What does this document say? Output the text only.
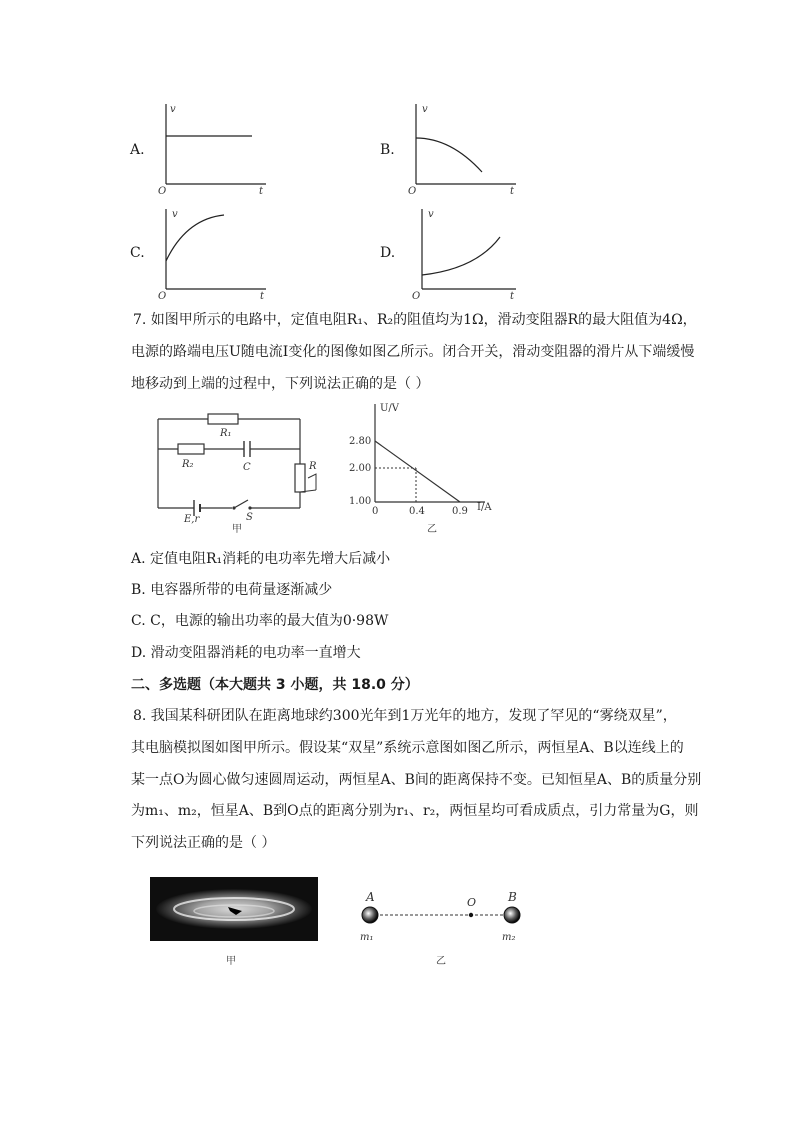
A.
v
t
O
B.
v
t
O
C.
v
t
O
D.
v
t
O
7. 如图甲所示的电路中，定值电阻R₁、R₂的阻值均为1Ω，滑动变阻器R的最大阻值为4Ω，
电源的路端电压U随电流I变化的图像如图乙所示。闭合开关，滑动变阻器的滑片从下端缓慢
地移动到上端的过程中，下列说法正确的是（ ）
R₁
R₂	C	R
E,r	S
甲
U/V
I/A
2.80
2.00
1.00
0	0.4	0.9
乙
A. 定值电阻R₁消耗的电功率先增大后减小
B. 电容器所带的电荷量逐渐减少
C. C，电源的输出功率的最大值为0·98W
D. 滑动变阻器消耗的电功率一直增大
二、多选题（本大题共 3 小题，共 18.0 分）
8. 我国某科研团队在距离地球约300光年到1万光年的地方，发现了罕见的“雾绕双星”，
其电脑模拟图如图甲所示。假设某“双星”系统示意图如图乙所示，两恒星A、B以连线上的
某一点O为圆心做匀速圆周运动，两恒星A、B间的距离保持不变。已知恒星A、B的质量分别
为m₁、m₂，恒星A、B到O点的距离分别为r₁、r₂，两恒星均可看成质点，引力常量为G，则
下列说法正确的是（ ）
甲
A	B
O
m₁	m₂
乙
